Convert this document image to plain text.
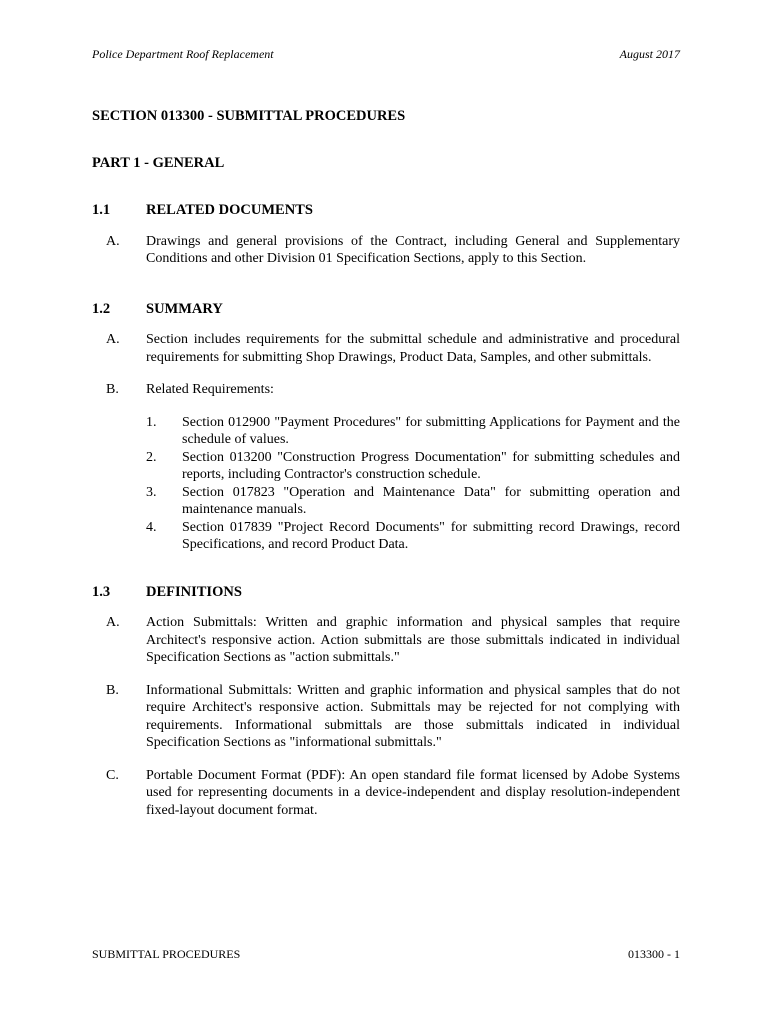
Police Department Roof Replacement	August 2017
SECTION 013300 - SUBMITTAL PROCEDURES
PART 1 - GENERAL
1.1	RELATED DOCUMENTS
A.	Drawings and general provisions of the Contract, including General and Supplementary Conditions and other Division 01 Specification Sections, apply to this Section.
1.2	SUMMARY
A.	Section includes requirements for the submittal schedule and administrative and procedural requirements for submitting Shop Drawings, Product Data, Samples, and other submittals.
B.	Related Requirements:
1.	Section 012900 "Payment Procedures" for submitting Applications for Payment and the schedule of values.
2.	Section 013200 "Construction Progress Documentation" for submitting schedules and reports, including Contractor's construction schedule.
3.	Section 017823 "Operation and Maintenance Data" for submitting operation and maintenance manuals.
4.	Section 017839 "Project Record Documents" for submitting record Drawings, record Specifications, and record Product Data.
1.3	DEFINITIONS
A.	Action Submittals: Written and graphic information and physical samples that require Architect's responsive action. Action submittals are those submittals indicated in individual Specification Sections as "action submittals."
B.	Informational Submittals: Written and graphic information and physical samples that do not require Architect's responsive action. Submittals may be rejected for not complying with requirements. Informational submittals are those submittals indicated in individual Specification Sections as "informational submittals."
C.	Portable Document Format (PDF): An open standard file format licensed by Adobe Systems used for representing documents in a device-independent and display resolution-independent fixed-layout document format.
SUBMITTAL PROCEDURES	013300 - 1
